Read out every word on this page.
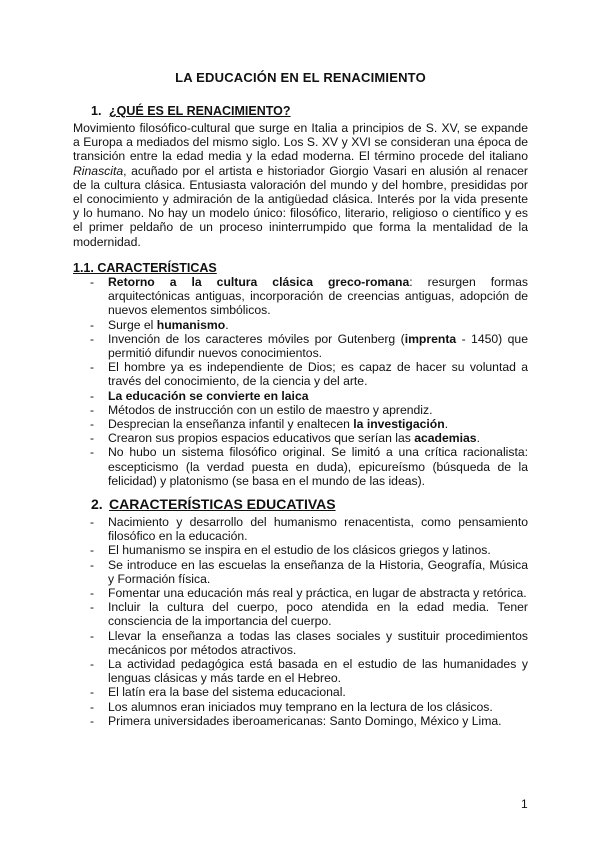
LA EDUCACIÓN EN EL RENACIMIENTO
1. ¿QUÉ ES EL RENACIMIENTO?
Movimiento filosófico-cultural que surge en Italia a principios de S. XV, se expande a Europa a mediados del mismo siglo. Los S. XV y XVI se consideran una época de transición entre la edad media y la edad moderna. El término procede del italiano Rinascita, acuñado por el artista e historiador Giorgio Vasari en alusión al renacer de la cultura clásica. Entusiasta valoración del mundo y del hombre, presididas por el conocimiento y admiración de la antigüedad clásica. Interés por la vida presente y lo humano. No hay un modelo único: filosófico, literario, religioso o científico y es el primer peldaño de un proceso ininterrumpido que forma la mentalidad de la modernidad.
1.1. CARACTERÍSTICAS
- Retorno a la cultura clásica greco-romana: resurgen formas arquitectónicas antiguas, incorporación de creencias antiguas, adopción de nuevos elementos simbólicos.
- Surge el humanismo.
- Invención de los caracteres móviles por Gutenberg (imprenta - 1450) que permitió difundir nuevos conocimientos.
- El hombre ya es independiente de Dios; es capaz de hacer su voluntad a través del conocimiento, de la ciencia y del arte.
- La educación se convierte en laica
- Métodos de instrucción con un estilo de maestro y aprendiz.
- Desprecian la enseñanza infantil y enaltecen la investigación.
- Crearon sus propios espacios educativos que serían las academias.
- No hubo un sistema filosófico original. Se limitó a una crítica racionalista: escepticismo (la verdad puesta en duda), epicureísmo (búsqueda de la felicidad) y platonismo (se basa en el mundo de las ideas).
2. CARACTERÍSTICAS EDUCATIVAS
- Nacimiento y desarrollo del humanismo renacentista, como pensamiento filosófico en la educación.
- El humanismo se inspira en el estudio de los clásicos griegos y latinos.
- Se introduce en las escuelas la enseñanza de la Historia, Geografía, Música y Formación física.
- Fomentar una educación más real y práctica, en lugar de abstracta y retórica.
- Incluir la cultura del cuerpo, poco atendida en la edad media. Tener consciencia de la importancia del cuerpo.
- Llevar la enseñanza a todas las clases sociales y sustituir procedimientos mecánicos por métodos atractivos.
- La actividad pedagógica está basada en el estudio de las humanidades y lenguas clásicas y más tarde en el Hebreo.
- El latín era la base del sistema educacional.
- Los alumnos eran iniciados muy temprano en la lectura de los clásicos.
- Primera universidades iberoamericanas: Santo Domingo, México y Lima.
1
